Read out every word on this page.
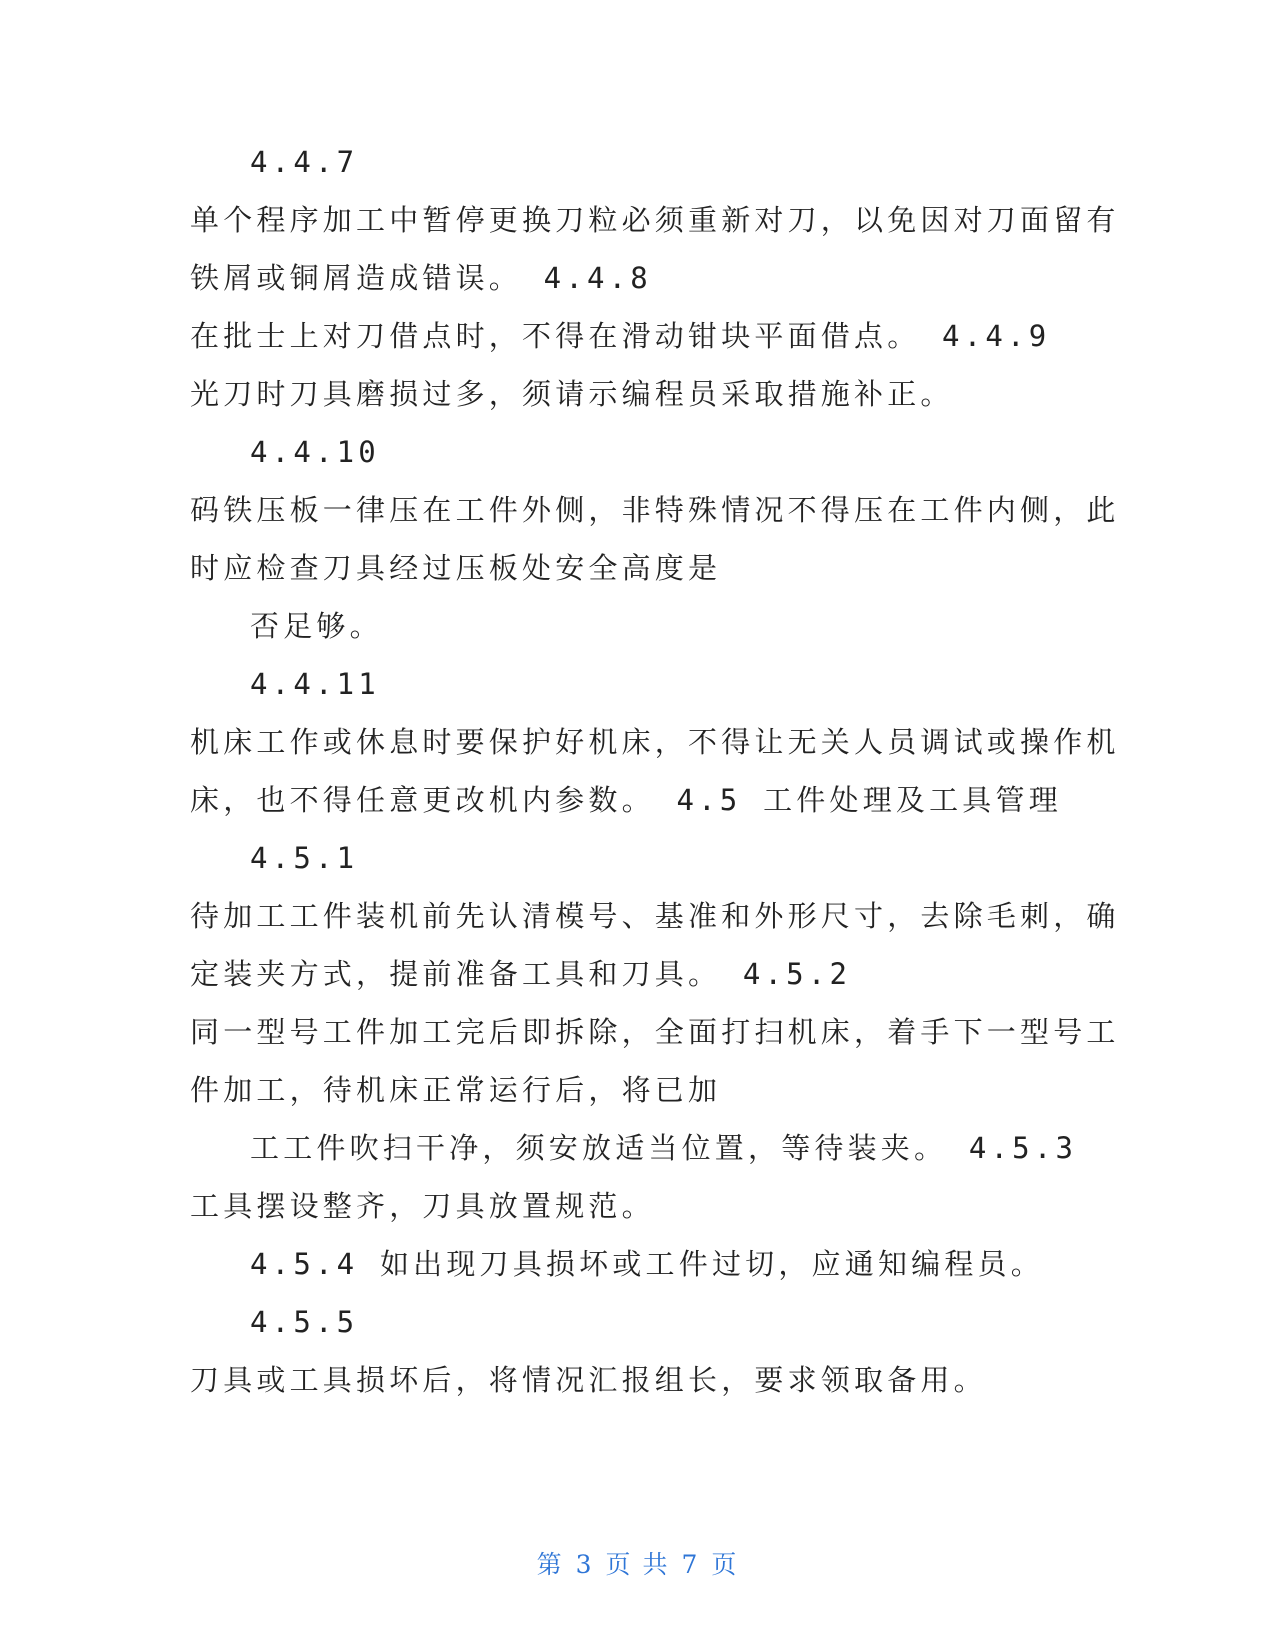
4.4.7
单个程序加工中暂停更换刀粒必须重新对刀，以免因对刀面留有
铁屑或铜屑造成错误。 4.4.8
在批士上对刀借点时，不得在滑动钳块平面借点。 4.4.9
光刀时刀具磨损过多，须请示编程员采取措施补正。
4.4.10
码铁压板一律压在工件外侧，非特殊情况不得压在工件内侧，此
时应检查刀具经过压板处安全高度是
否足够。
4.4.11
机床工作或休息时要保护好机床，不得让无关人员调试或操作机
床，也不得任意更改机内参数。 4.5 工件处理及工具管理
4.5.1
待加工工件装机前先认清模号、基准和外形尺寸，去除毛刺，确
定装夹方式，提前准备工具和刀具。 4.5.2
同一型号工件加工完后即拆除，全面打扫机床，着手下一型号工
件加工，待机床正常运行后，将已加
工工件吹扫干净，须安放适当位置，等待装夹。 4.5.3
工具摆设整齐，刀具放置规范。
4.5.4 如出现刀具损坏或工件过切，应通知编程员。
4.5.5
刀具或工具损坏后，将情况汇报组长，要求领取备用。
第 3 页 共 7 页
